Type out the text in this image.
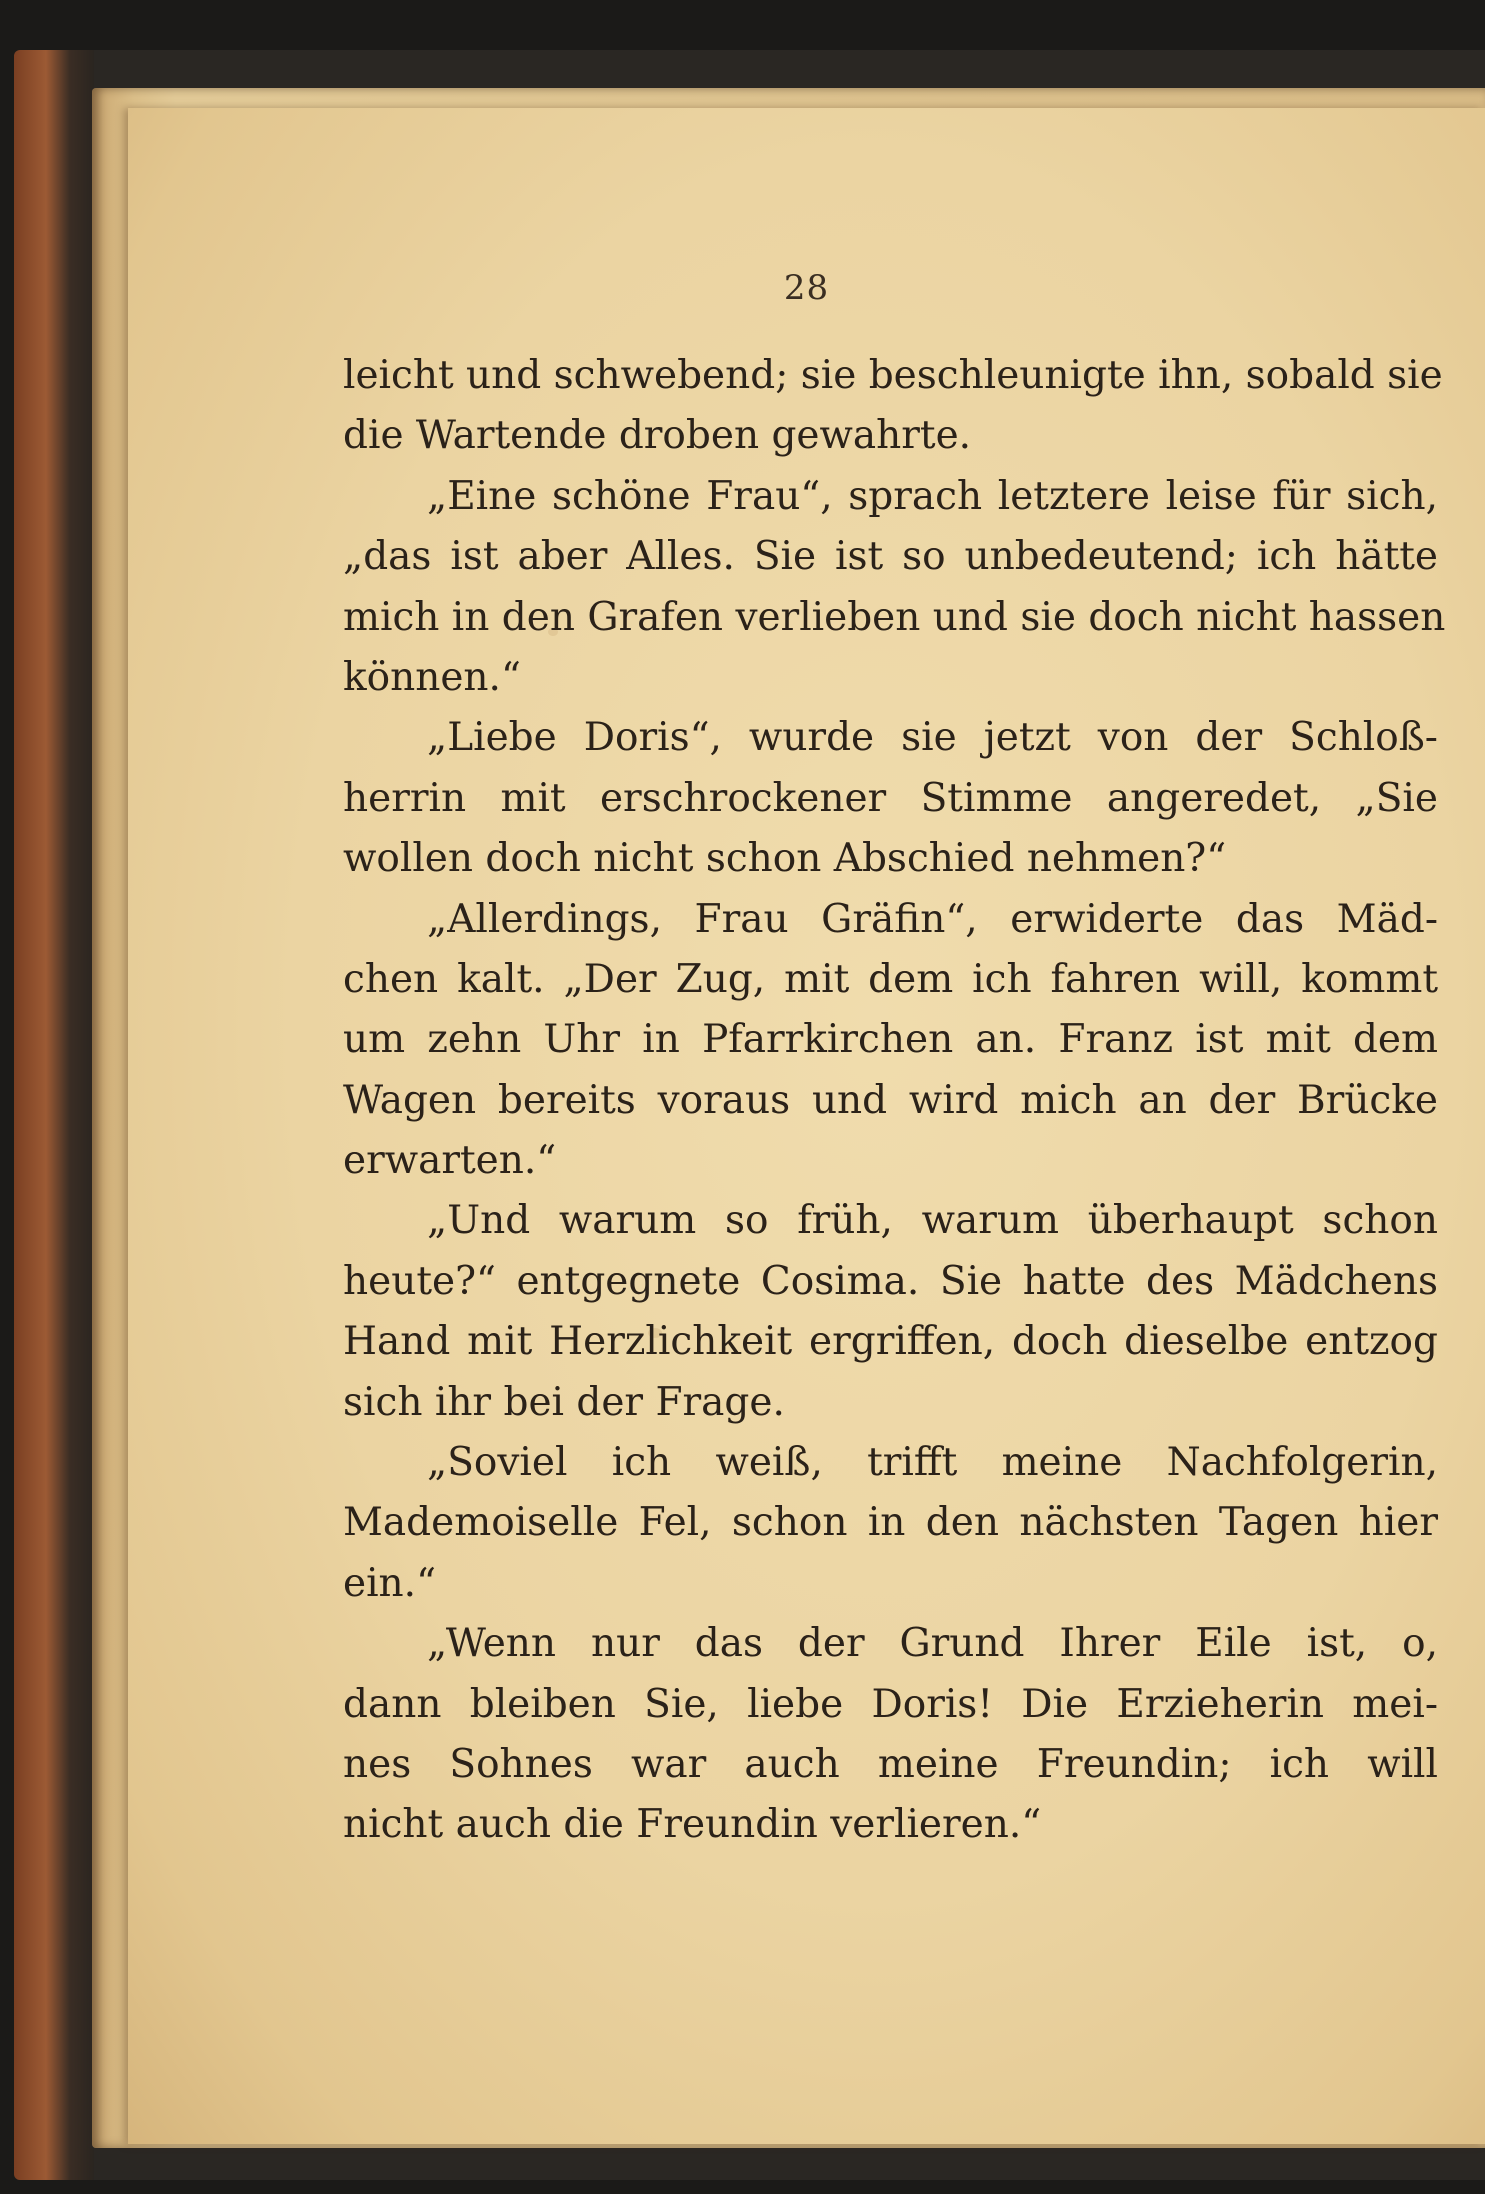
28
leicht und schwebend; sie beschleunigte ihn, sobald sie
die Wartende droben gewahrte.
„Eine schöne Frau“, sprach letztere leise für sich,
„das ist aber Alles. Sie ist so unbedeutend; ich hätte
mich in den Grafen verlieben und sie doch nicht hassen
können.“
„Liebe Doris“, wurde sie jetzt von der Schloß-
herrin mit erschrockener Stimme angeredet, „Sie
wollen doch nicht schon Abschied nehmen?“
„Allerdings, Frau Gräfin“, erwiderte das Mäd-
chen kalt. „Der Zug, mit dem ich fahren will, kommt
um zehn Uhr in Pfarrkirchen an. Franz ist mit dem
Wagen bereits voraus und wird mich an der Brücke
erwarten.“
„Und warum so früh, warum überhaupt schon
heute?“ entgegnete Cosima. Sie hatte des Mädchens
Hand mit Herzlichkeit ergriffen, doch dieselbe entzog
sich ihr bei der Frage.
„Soviel ich weiß, trifft meine Nachfolgerin,
Mademoiselle Fel, schon in den nächsten Tagen hier
ein.“
„Wenn nur das der Grund Ihrer Eile ist, o,
dann bleiben Sie, liebe Doris! Die Erzieherin mei-
nes Sohnes war auch meine Freundin; ich will
nicht auch die Freundin verlieren.“
